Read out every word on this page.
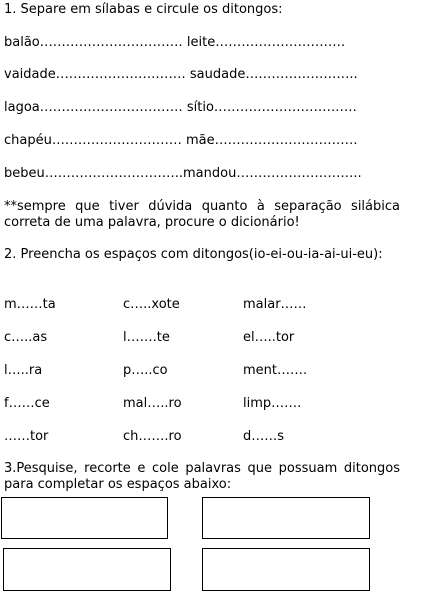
1. Separe em sílabas e circule os ditongos:
balão…………………………… leite…………………………
vaidade………………………… saudade……………………..
lagoa…………………………… sítio……………………………
chapéu………………………… mãe……………………………
bebeu…………………………..mandou………………………..
**sempre que tiver dúvida quanto à separação silábica correta de uma palavra, procure o dicionário!
2. Preencha os espaços com ditongos(io-ei-ou-ia-ai-ui-eu):
m……ta	c…..xote	malar……
c…..as	l…….te	el…..tor
l…..ra	p…..co	ment…….
f……ce	mal…..ro	limp…….
……tor	ch…….ro	d……s
3.Pesquise, recorte e cole palavras que possuam ditongos para completar os espaços abaixo:
